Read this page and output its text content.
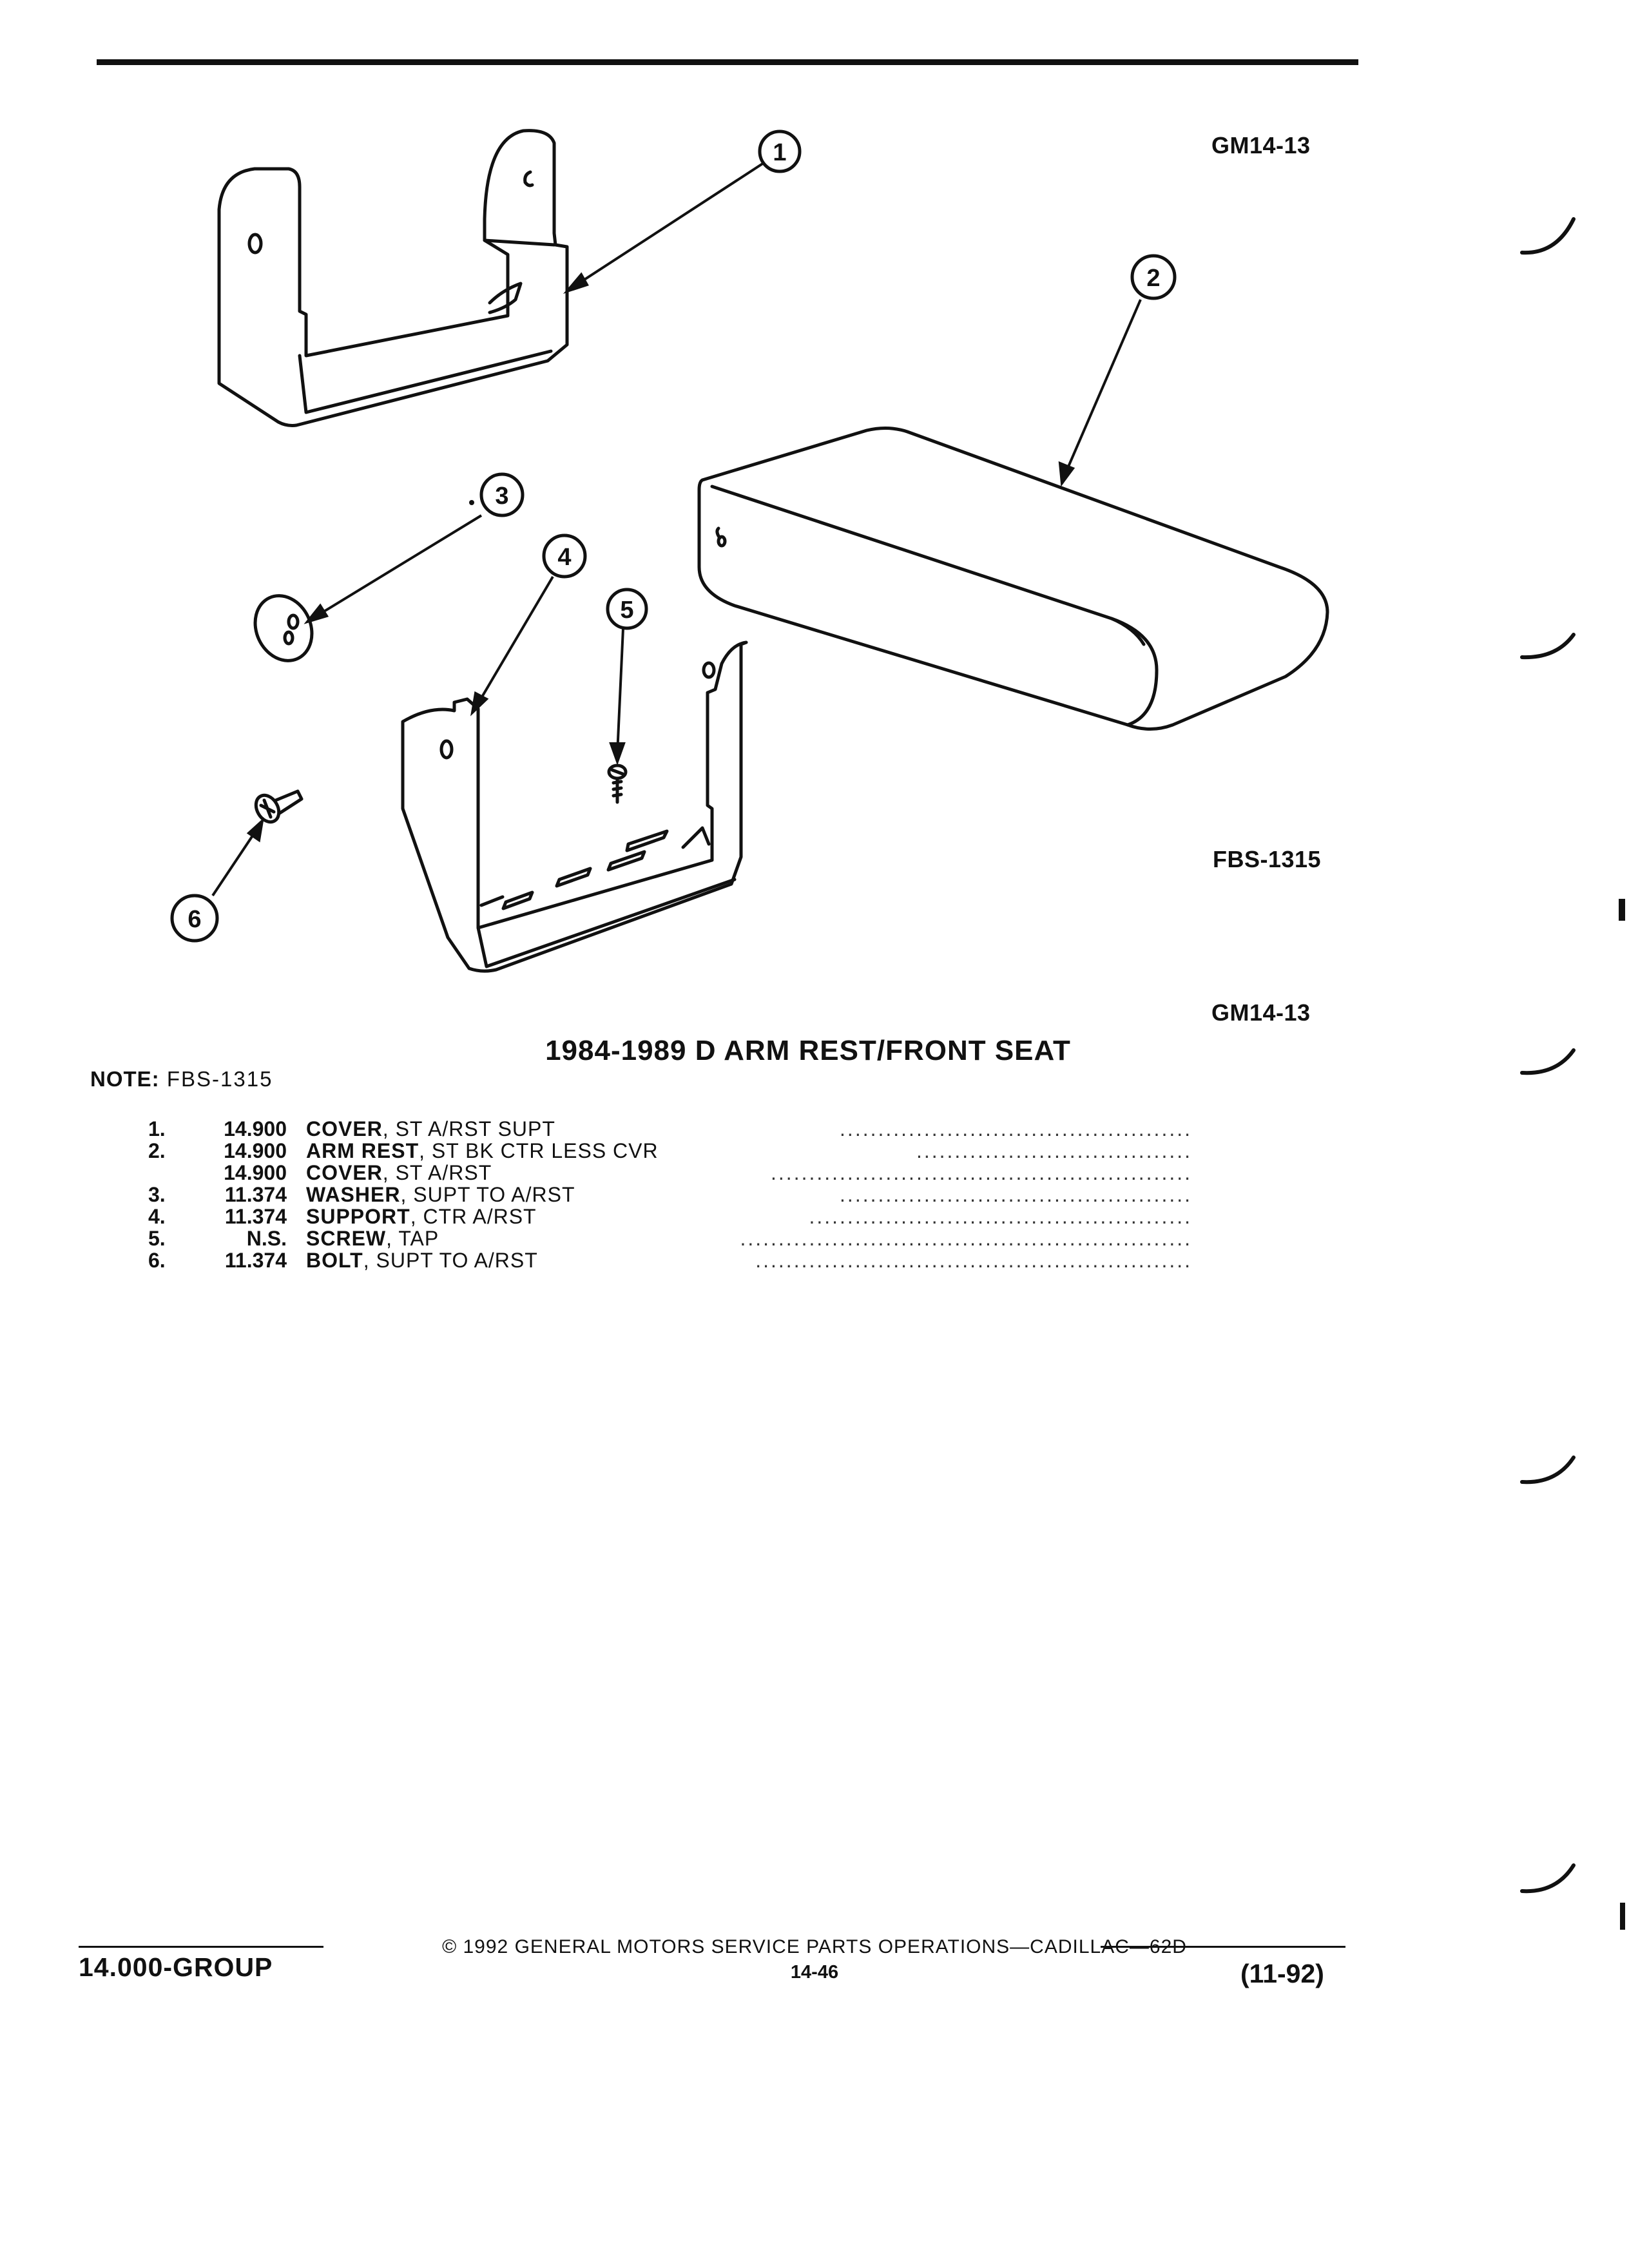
GM14-13
FBS-1315
GM14-13
1
2
3
4
5
6
1984-1989 D ARM REST/FRONT SEAT
NOTE: FBS-1315
1.	14.900 COVER, ST A/RST SUPT	..............................................
2.	14.900 ARM REST, ST BK CTR LESS CVR	....................................
14.900 COVER, ST A/RST	.......................................................
3.	11.374 WASHER, SUPT TO A/RST	..............................................
4.	11.374 SUPPORT, CTR A/RST	..................................................
5.	N.S. SCREW, TAP	...........................................................
6.	11.374 BOLT, SUPT TO A/RST	.........................................................
© 1992 GENERAL MOTORS SERVICE PARTS OPERATIONS—CADILLAC—62D
14.000-GROUP	14-46	(11-92)
